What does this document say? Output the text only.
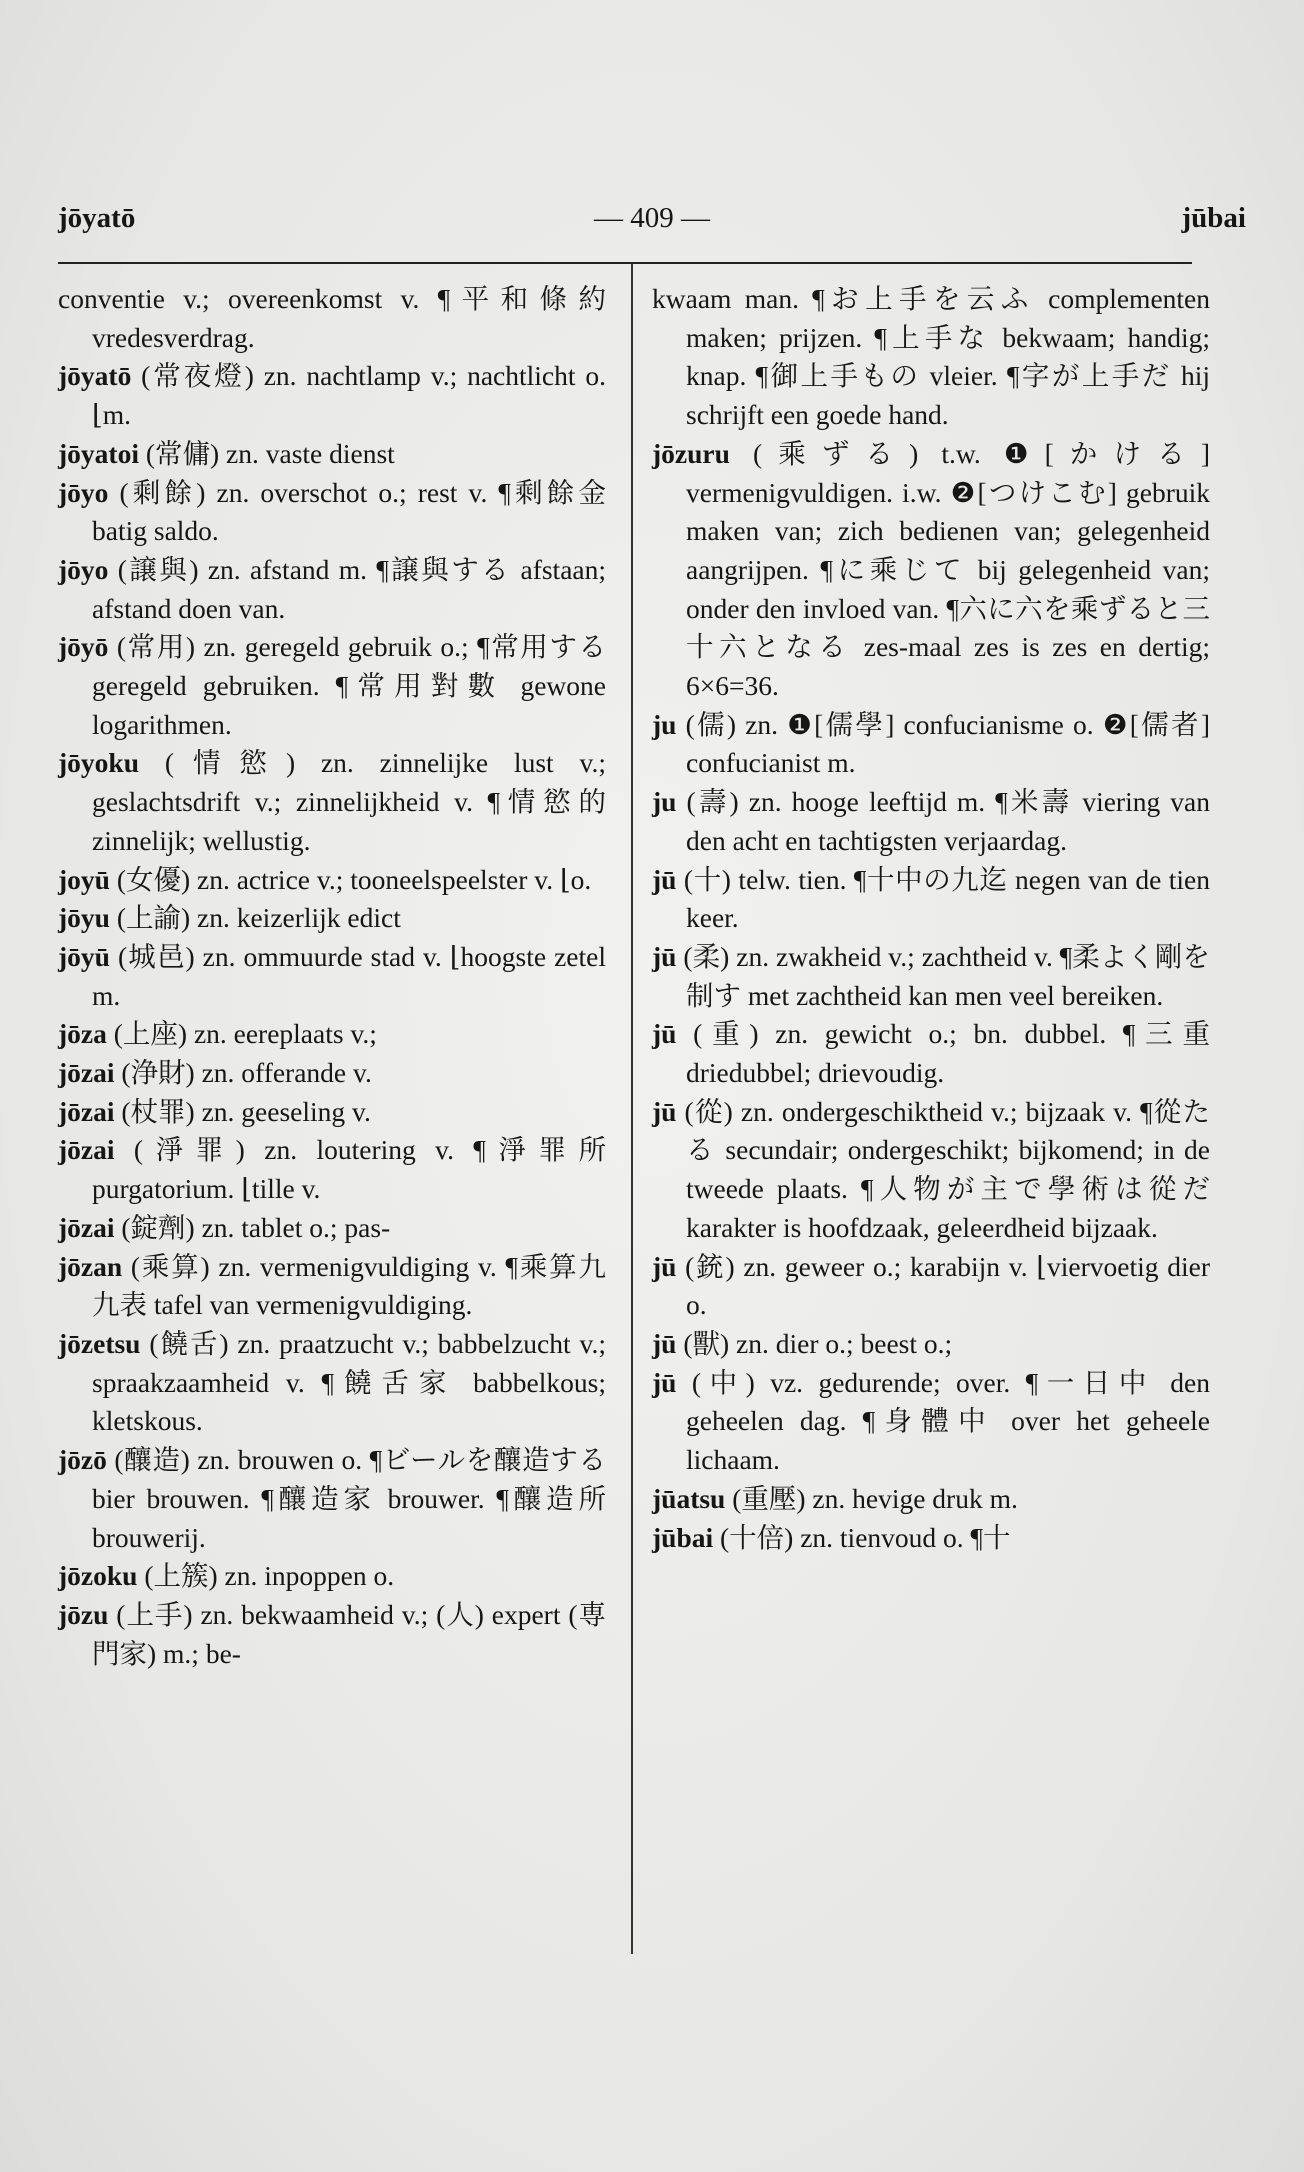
jōyatō	— 409 —	jūbai
conventie v.; overeenkomst v. ¶平和條約 vredesverdrag.
jōyatō (常夜燈) zn. nachtlamp v.; nachtlicht o. ⌊m.
jōyatoi (常傭) zn. vaste dienst
jōyo (剩餘) zn. overschot o.; rest v. ¶剩餘金 batig saldo.
jōyo (譲與) zn. afstand m. ¶譲與する afstaan; afstand doen van.
jōyō (常用) zn. geregeld gebruik o.; ¶常用する geregeld gebruiken. ¶常用對數 gewone logarithmen.
jōyoku (情慾) zn. zinnelijke lust v.; geslachtsdrift v.; zinnelijkheid v. ¶情慾的 zinnelijk; wellustig.
joyū (女優) zn. actrice v.; tooneelspeelster v. ⌊o.
jōyu (上諭) zn. keizerlijk edict
jōyū (城邑) zn. ommuurde stad v. ⌊hoogste zetel m.
jōza (上座) zn. eereplaats v.;
jōzai (浄財) zn. offerande v.
jōzai (杖罪) zn. geeseling v.
jōzai (淨罪) zn. loutering v. ¶淨罪所 purgatorium. ⌊tille v.
jōzai (錠劑) zn. tablet o.; pas-
jōzan (乘算) zn. vermenigvuldiging v. ¶乘算九九表 tafel van vermenigvuldiging.
jōzetsu (饒舌) zn. praatzucht v.; babbelzucht v.; spraakzaamheid v. ¶饒舌家 babbelkous; kletskous.
jōzō (釀造) zn. brouwen o. ¶ビールを釀造する bier brouwen. ¶釀造家 brouwer. ¶釀造所 brouwerij.
jōzoku (上簇) zn. inpoppen o.
jōzu (上手) zn. bekwaamheid v.; (人) expert (専門家) m.; be-
kwaam man. ¶お上手を云ふ complementen maken; prijzen. ¶上手な bekwaam; handig; knap. ¶御上手もの vleier. ¶字が上手だ hij schrijft een goede hand.
jōzuru (乘ずる) t.w. ❶[かける] vermenigvuldigen. i.w. ❷[つけこむ] gebruik maken van; zich bedienen van; gelegenheid aangrijpen. ¶に乘じて bij gelegenheid van; onder den invloed van. ¶六に六を乘ずると三十六となる zes-maal zes is zes en dertig; 6×6=36.
ju (儒) zn. ❶[儒學] confucianisme o. ❷[儒者] confucianist m.
ju (壽) zn. hooge leeftijd m. ¶米壽 viering van den acht en tachtigsten verjaardag.
jū (十) telw. tien. ¶十中の九迄 negen van de tien keer.
jū (柔) zn. zwakheid v.; zachtheid v. ¶柔よく剛を制す met zachtheid kan men veel bereiken.
jū (重) zn. gewicht o.; bn. dubbel. ¶三重 driedubbel; drievoudig.
jū (從) zn. ondergeschiktheid v.; bijzaak v. ¶從たる secundair; ondergeschikt; bijkomend; in de tweede plaats. ¶人物が主で學術は從だ karakter is hoofdzaak, geleerdheid bijzaak.
jū (銃) zn. geweer o.; karabijn v. ⌊viervoetig dier o.
jū (獸) zn. dier o.; beest o.;
jū (中) vz. gedurende; over. ¶一日中 den geheelen dag. ¶身體中 over het geheele lichaam.
jūatsu (重壓) zn. hevige druk m.
jūbai (十倍) zn. tienvoud o. ¶十
